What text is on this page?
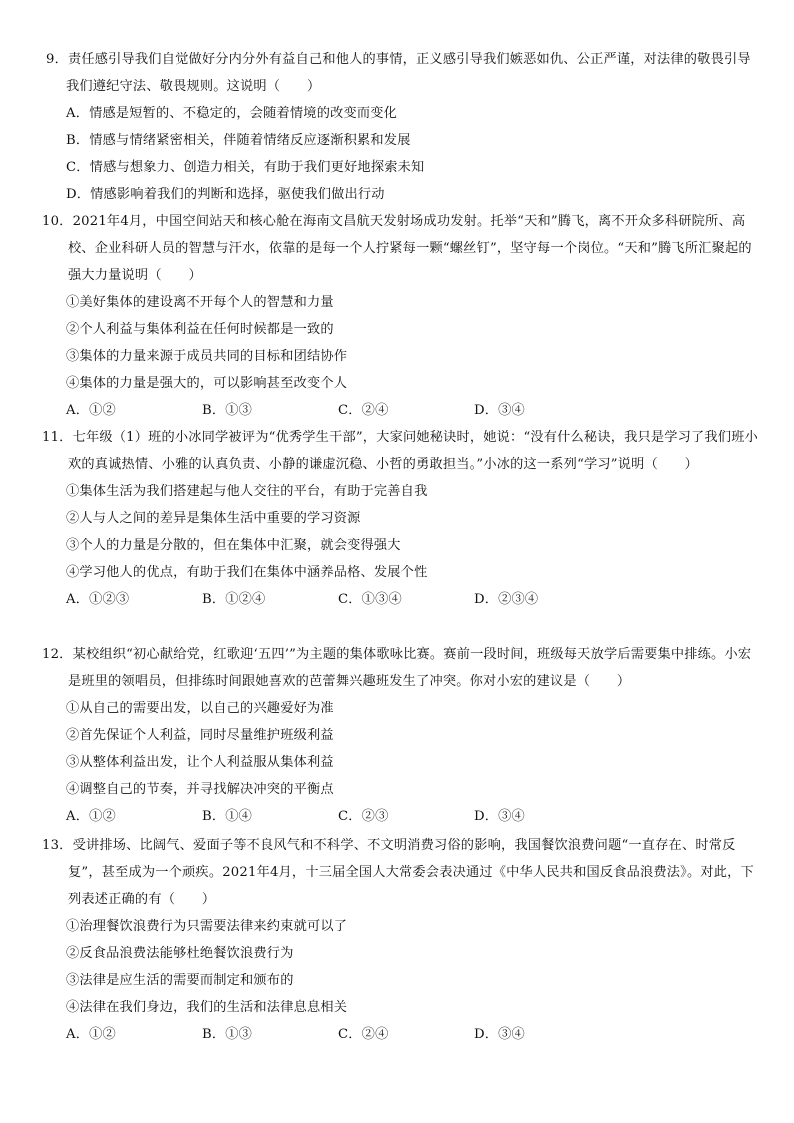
9．责任感引导我们自觉做好分内分外有益自己和他人的事情，正义感引导我们嫉恶如仇、公正严谨，对法律的敬畏引导我们遵纪守法、敬畏规则。这说明（　　）

A．情感是短暂的、不稳定的，会随着情境的改变而变化

B．情感与情绪紧密相关，伴随着情绪反应逐渐积累和发展

C．情感与想象力、创造力相关，有助于我们更好地探索未知

D．情感影响着我们的判断和选择，驱使我们做出行动

10．2021年4月，中国空间站天和核心舱在海南文昌航天发射场成功发射。托举“天和”腾飞，离不开众多科研院所、高校、企业科研人员的智慧与汗水，依靠的是每一个人拧紧每一颗“螺丝钉”，坚守每一个岗位。“天和”腾飞所汇聚起的强大力量说明（　　）

①美好集体的建设离不开每个人的智慧和力量

②个人利益与集体利益在任何时候都是一致的

③集体的力量来源于成员共同的目标和团结协作

④集体的力量是强大的，可以影响甚至改变个人

A．①②	B．①③	C．②④	D．③④

11．七年级（1）班的小冰同学被评为“优秀学生干部”，大家问她秘诀时，她说：“没有什么秘诀，我只是学习了我们班小欢的真诚热情、小雅的认真负责、小静的谦虚沉稳、小哲的勇敢担当。”小冰的这一系列“学习”说明（　　）

①集体生活为我们搭建起与他人交往的平台，有助于完善自我

②人与人之间的差异是集体生活中重要的学习资源

③个人的力量是分散的，但在集体中汇聚，就会变得强大

④学习他人的优点，有助于我们在集体中涵养品格、发展个性

A．①②③	B．①②④	C．①③④	D．②③④

12．某校组织“初心献给党，红歌迎‘五四’”为主题的集体歌咏比赛。赛前一段时间，班级每天放学后需要集中排练。小宏是班里的领唱员，但排练时间跟她喜欢的芭蕾舞兴趣班发生了冲突。你对小宏的建议是（　　）

①从自己的需要出发，以自己的兴趣爱好为准

②首先保证个人利益，同时尽量维护班级利益

③从整体利益出发，让个人利益服从集体利益

④调整自己的节奏，并寻找解决冲突的平衡点

A．①②	B．①④	C．②③	D．③④

13．受讲排场、比阔气、爱面子等不良风气和不科学、不文明消费习俗的影响，我国餐饮浪费问题“一直存在、时常反复”，甚至成为一个顽疾。2021年4月，十三届全国人大常委会表决通过《中华人民共和国反食品浪费法》。对此，下列表述正确的有（　　）

①治理餐饮浪费行为只需要法律来约束就可以了

②反食品浪费法能够杜绝餐饮浪费行为

③法律是应生活的需要而制定和颁布的

④法律在我们身边，我们的生活和法律息息相关

A．①②	B．①③	C．②④	D．③④
